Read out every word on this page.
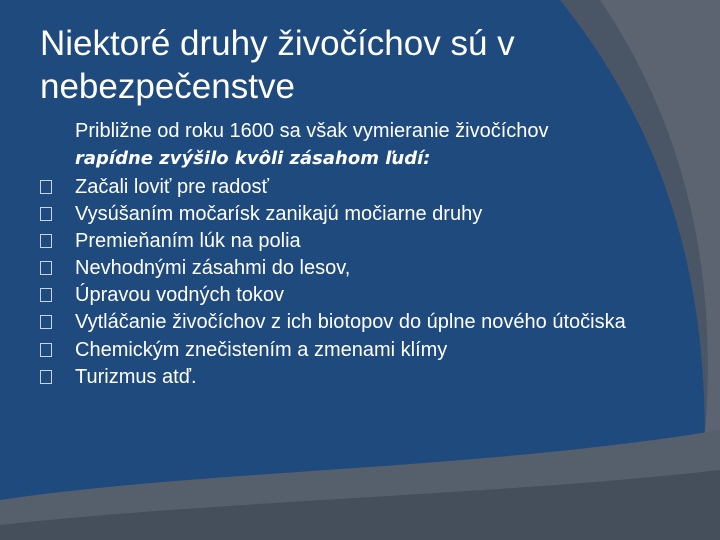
Niektoré druhy živočíchov sú v nebezpečenstve
Približne od roku 1600 sa však vymieranie živočíchov
rapídne zvýšilo kvôli zásahom ľudí:
Začali loviť pre radosť
Vysúšaním močarísk zanikajú močiarne druhy
Premieňaním lúk na polia
Nevhodnými zásahmi do lesov,
Úpravou vodných tokov
Vytláčanie živočíchov z ich biotopov do úplne nového útočiska
Chemickým znečistením a zmenami klímy
Turizmus atď.
